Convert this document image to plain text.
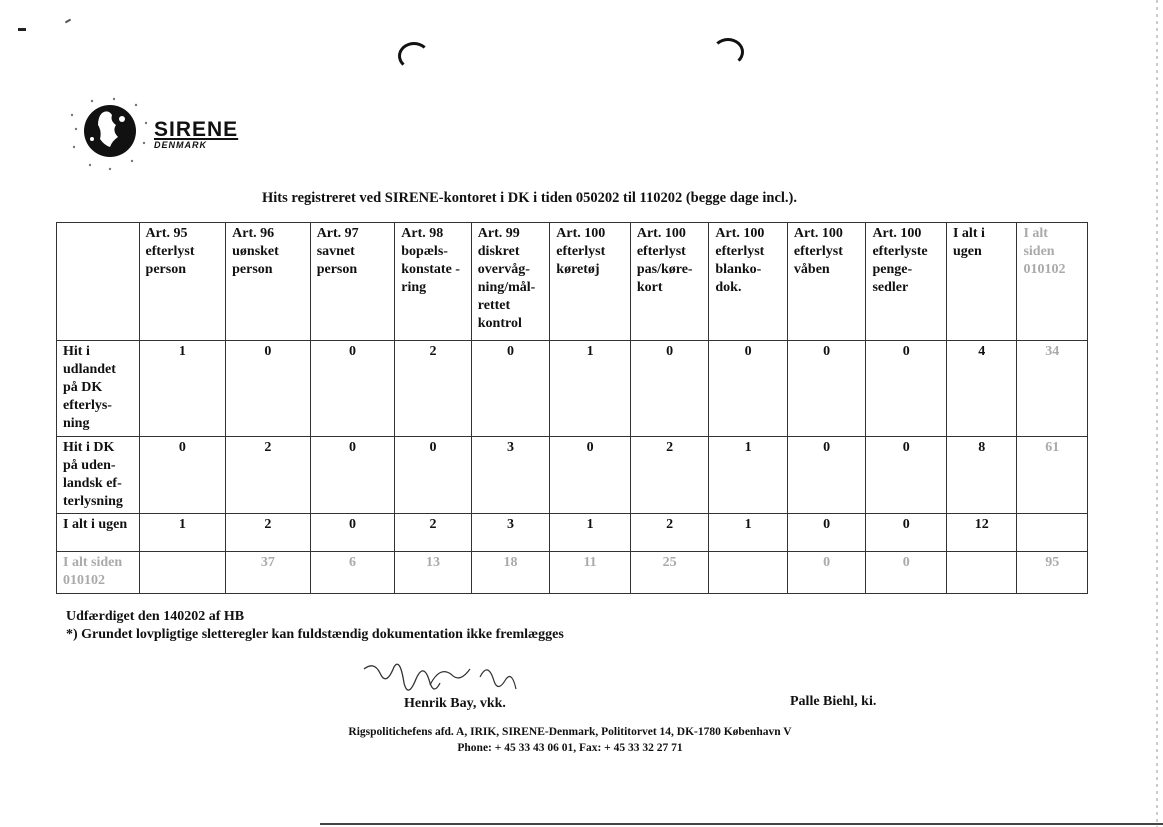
SIRENE
DENMARK
Hits registreret ved SIRENE-kontoret i DK i tiden 050202 til 110202 (begge dage incl.).
	Art. 95 efterlyst person	Art. 96 uønsket person	Art. 97 savnet person	Art. 98 bopæls-konstate -ring	Art. 99 diskret overvåg-ning/mål-rettet kontrol	Art. 100 efterlyst køretøj	Art. 100 efterlyst pas/køre-kort	Art. 100 efterlyst blanko-dok.	Art. 100 efterlyst våben	Art. 100 efterlyste penge-sedler	I alt i ugen	I alt siden 010102
Hit i udlandet på DK efterlys-ning	1	0	0	2	0	1	0	0	0	0	4	34
Hit i DK på uden-landsk ef-terlysning	0	2	0	0	3	0	2	1	0	0	8	61
I alt i ugen	1	2	0	2	3	1	2	1	0	0	12	
I alt siden 010102		37	6	13	18	11	25		0	0		95
Udfærdiget den 140202 af HB
*) Grundet lovpligtige sletteregler kan fuldstændig dokumentation ikke fremlægges
Henrik Bay, vkk.	Palle Biehl, ki.
Rigspolitichefens afd. A, IRIK, SIRENE-Denmark, Polititorvet 14, DK-1780 København V
Phone: + 45 33 43 06 01, Fax: + 45 33 32 27 71
